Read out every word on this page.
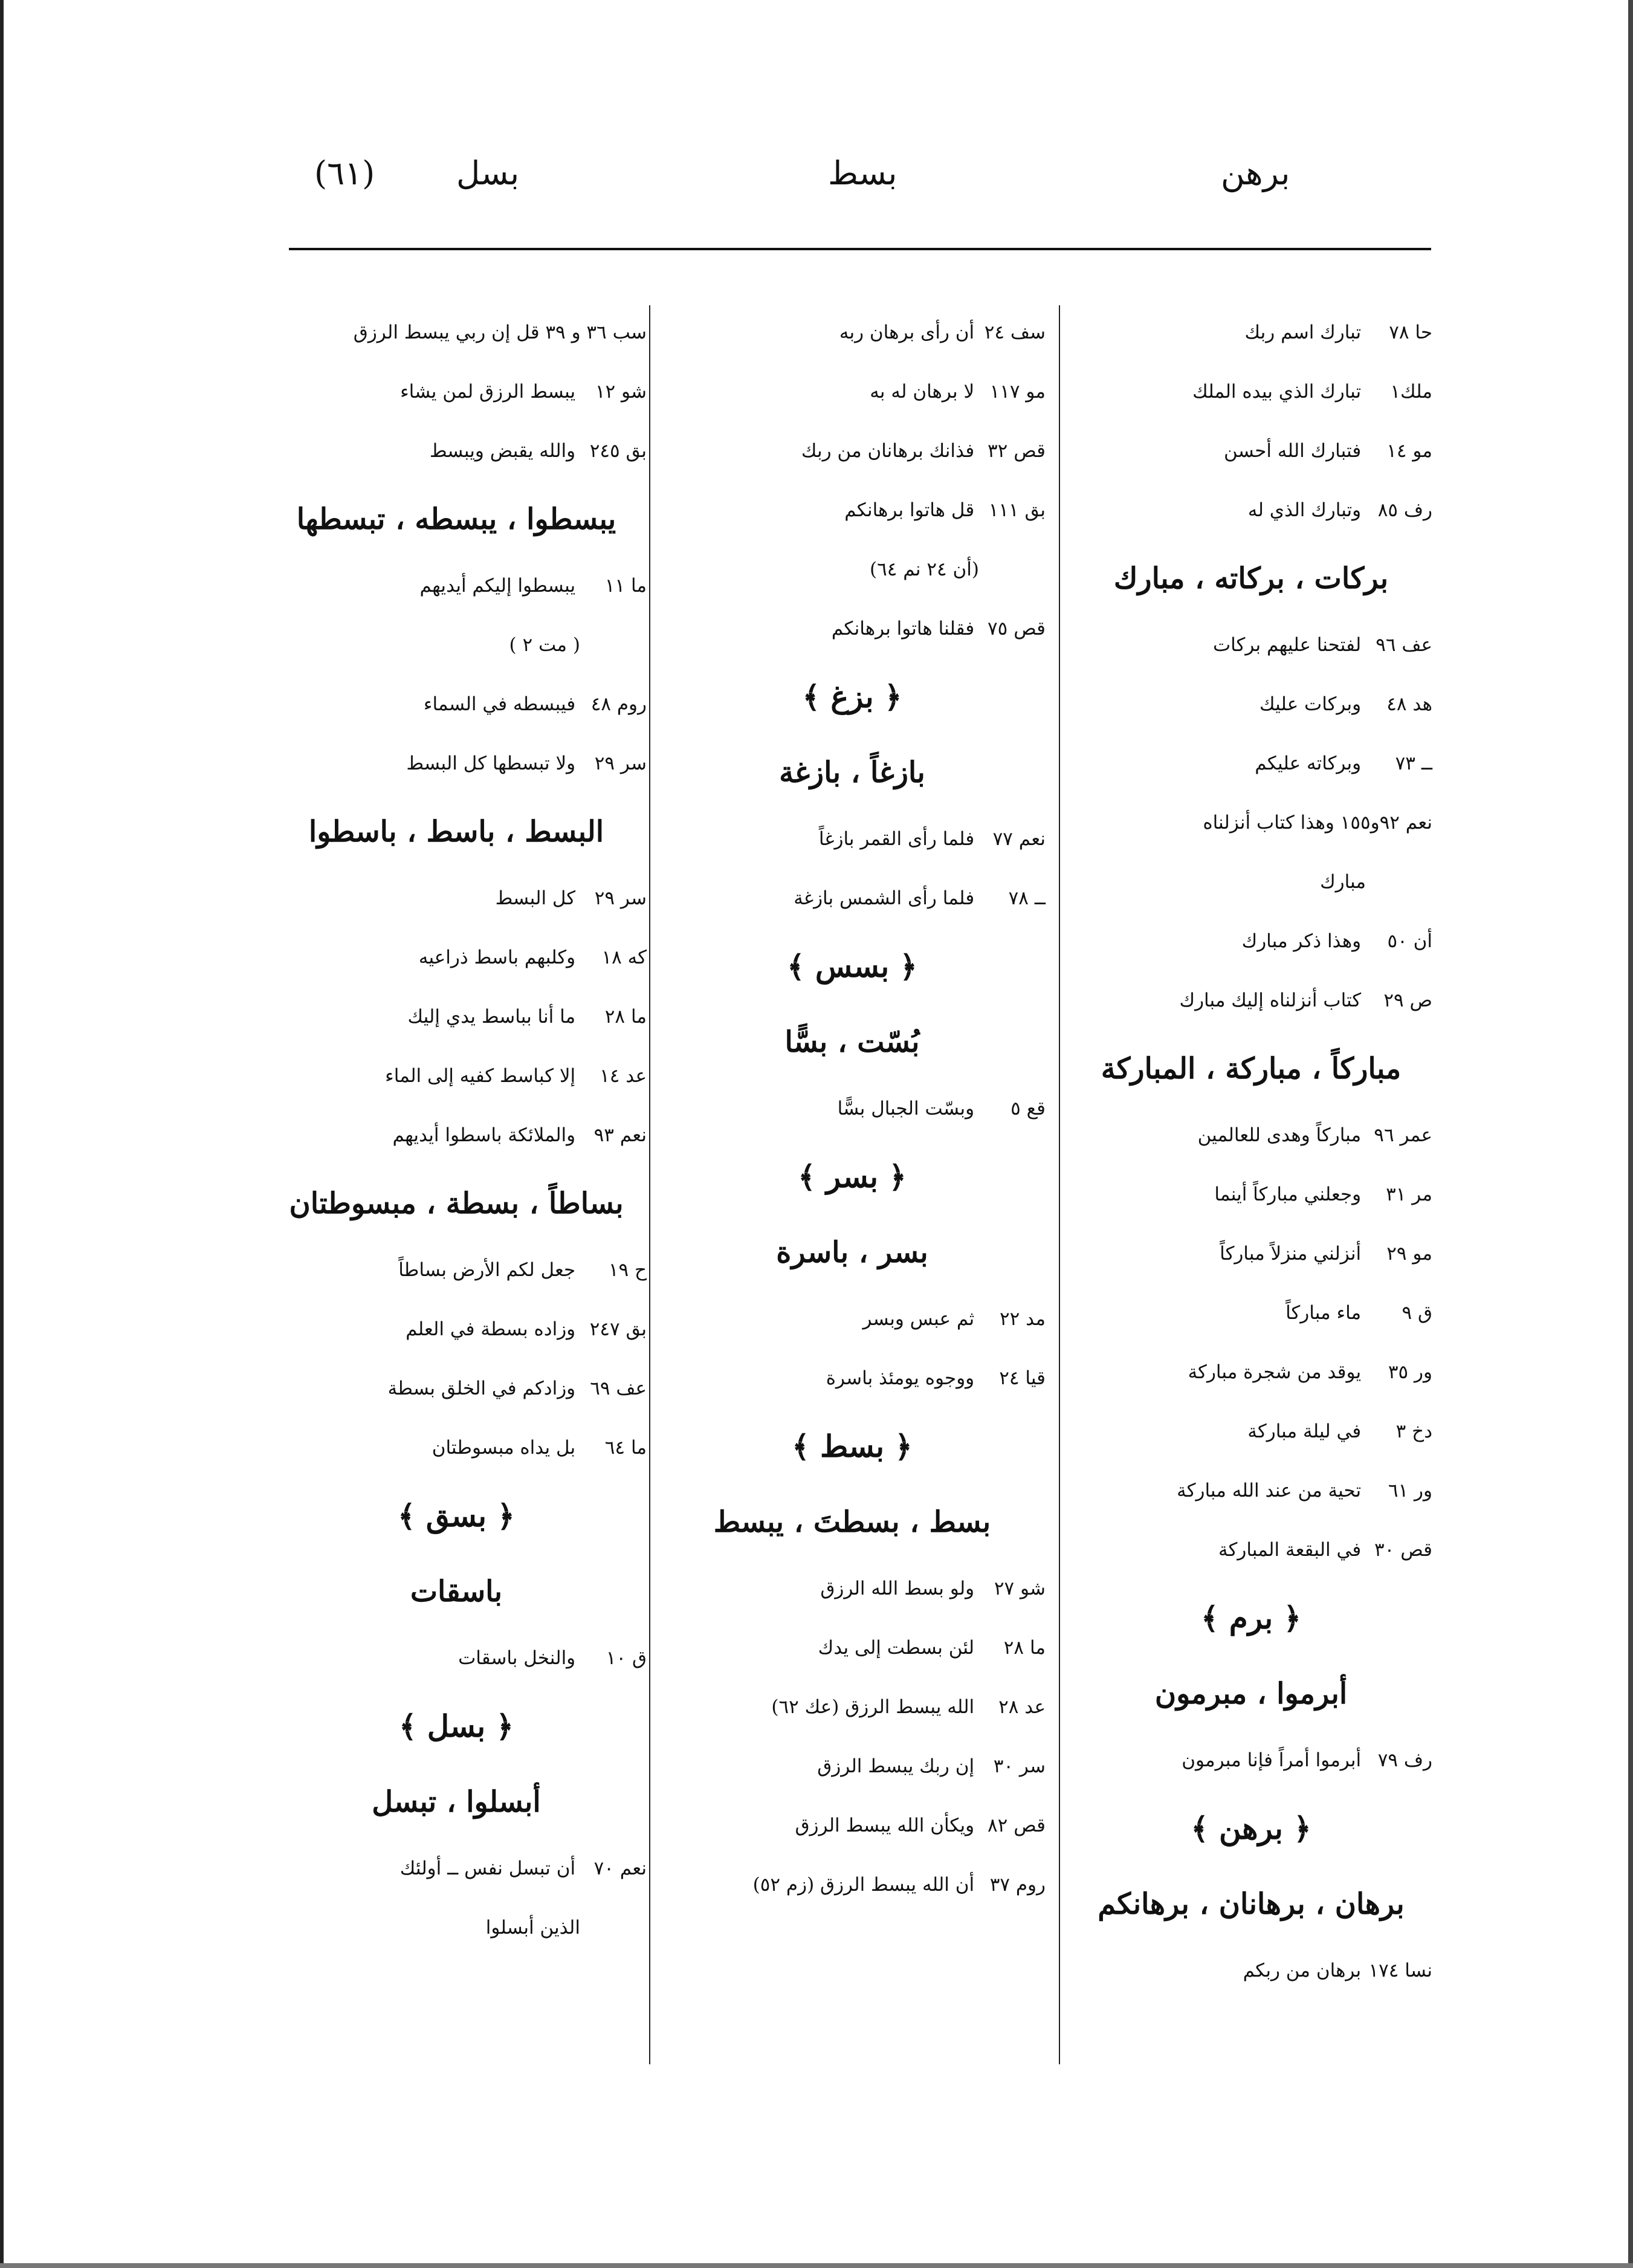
(٦١) بسل	بسط	برهن
حا ٧٨ تبارك اسم ربك
ملك١ تبارك الذي بيده الملك
مو ١٤ فتبارك الله أحسن
رف ٨٥ وتبارك الذي له
بركات ، بركاته ، مبارك
عف ٩٦ لفتحنا عليهم بركات
هد ٤٨ وبركات عليك
ــ ٧٣ وبركاته عليكم
نعم ٩٢و١٥٥ وهذا كتاب أنزلناه
مبارك
أن ٥٠ وهذا ذكر مبارك
ص ٢٩ كتاب أنزلناه إليك مبارك
مباركاً ، مباركة ، المباركة
عمر ٩٦ مباركاً وهدى للعالمين
مر ٣١ وجعلني مباركاً أينما
مو ٢٩ أنزلني منزلاً مباركاً
ق ٩ ماء مباركاً
ور ٣٥ يوقد من شجرة مباركة
دخ ٣ في ليلة مباركة
ور ٦١ تحية من عند الله مباركة
قص ٣٠ في البقعة المباركة
﴿ برم ﴾
أبرموا ، مبرمون
رف ٧٩ أبرموا أمراً فإنا مبرمون
﴿ برهن ﴾
برهان ، برهانان ، برهانكم
نسا ١٧٤ برهان من ربكم
سف ٢٤ أن رأى برهان ربه
مو ١١٧ لا برهان له به
قص ٣٢ فذانك برهانان من ربك
بق ١١١ قل هاتوا برهانكم
(أن ٢٤ نم ٦٤)
قص ٧٥ فقلنا هاتوا برهانكم
﴿ بزغ ﴾
بازغاً ، بازغة
نعم ٧٧ فلما رأى القمر بازغاً
ــ ٧٨ فلما رأى الشمس بازغة
﴿ بسس ﴾
بُسّت ، بسًّا
قع ٥ وبسّت الجبال بسًّا
﴿ بسر ﴾
بسر ، باسرة
مد ٢٢ ثم عبس وبسر
قيا ٢٤ ووجوه يومئذ باسرة
﴿ بسط ﴾
بسط ، بسطتَ ، يبسط
شو ٢٧ ولو بسط الله الرزق
ما ٢٨ لئن بسطت إلى يدك
عد ٢٨ الله يبسط الرزق (عك ٦٢)
سر ٣٠ إن ربك يبسط الرزق
قص ٨٢ ويكأن الله يبسط الرزق
روم ٣٧ أن الله يبسط الرزق (زم ٥٢)
سب ٣٦ و ٣٩ قل إن ربي يبسط الرزق
شو ١٢ يبسط الرزق لمن يشاء
بق ٢٤٥ والله يقبض ويبسط
يبسطوا ، يبسطه ، تبسطها
ما ١١ يبسطوا إليكم أيديهم
( مت ٢ )
روم ٤٨ فيبسطه في السماء
سر ٢٩ ولا تبسطها كل البسط
البسط ، باسط ، باسطوا
سر ٢٩ كل البسط
كه ١٨ وكلبهم باسط ذراعيه
ما ٢٨ ما أنا بباسط يدي إليك
عد ١٤ إلا كباسط كفيه إلى الماء
نعم ٩٣ والملائكة باسطوا أيديهم
بساطاً ، بسطة ، مبسوطتان
ح ١٩ جعل لكم الأرض بساطاً
بق ٢٤٧ وزاده بسطة في العلم
عف ٦٩ وزادكم في الخلق بسطة
ما ٦٤ بل يداه مبسوطتان
﴿ بسق ﴾
باسقات
ق ١٠ والنخل باسقات
﴿ بسل ﴾
أبسلوا ، تبسل
نعم ٧٠ أن تبسل نفس ــ أولئك
الذين أبسلوا
